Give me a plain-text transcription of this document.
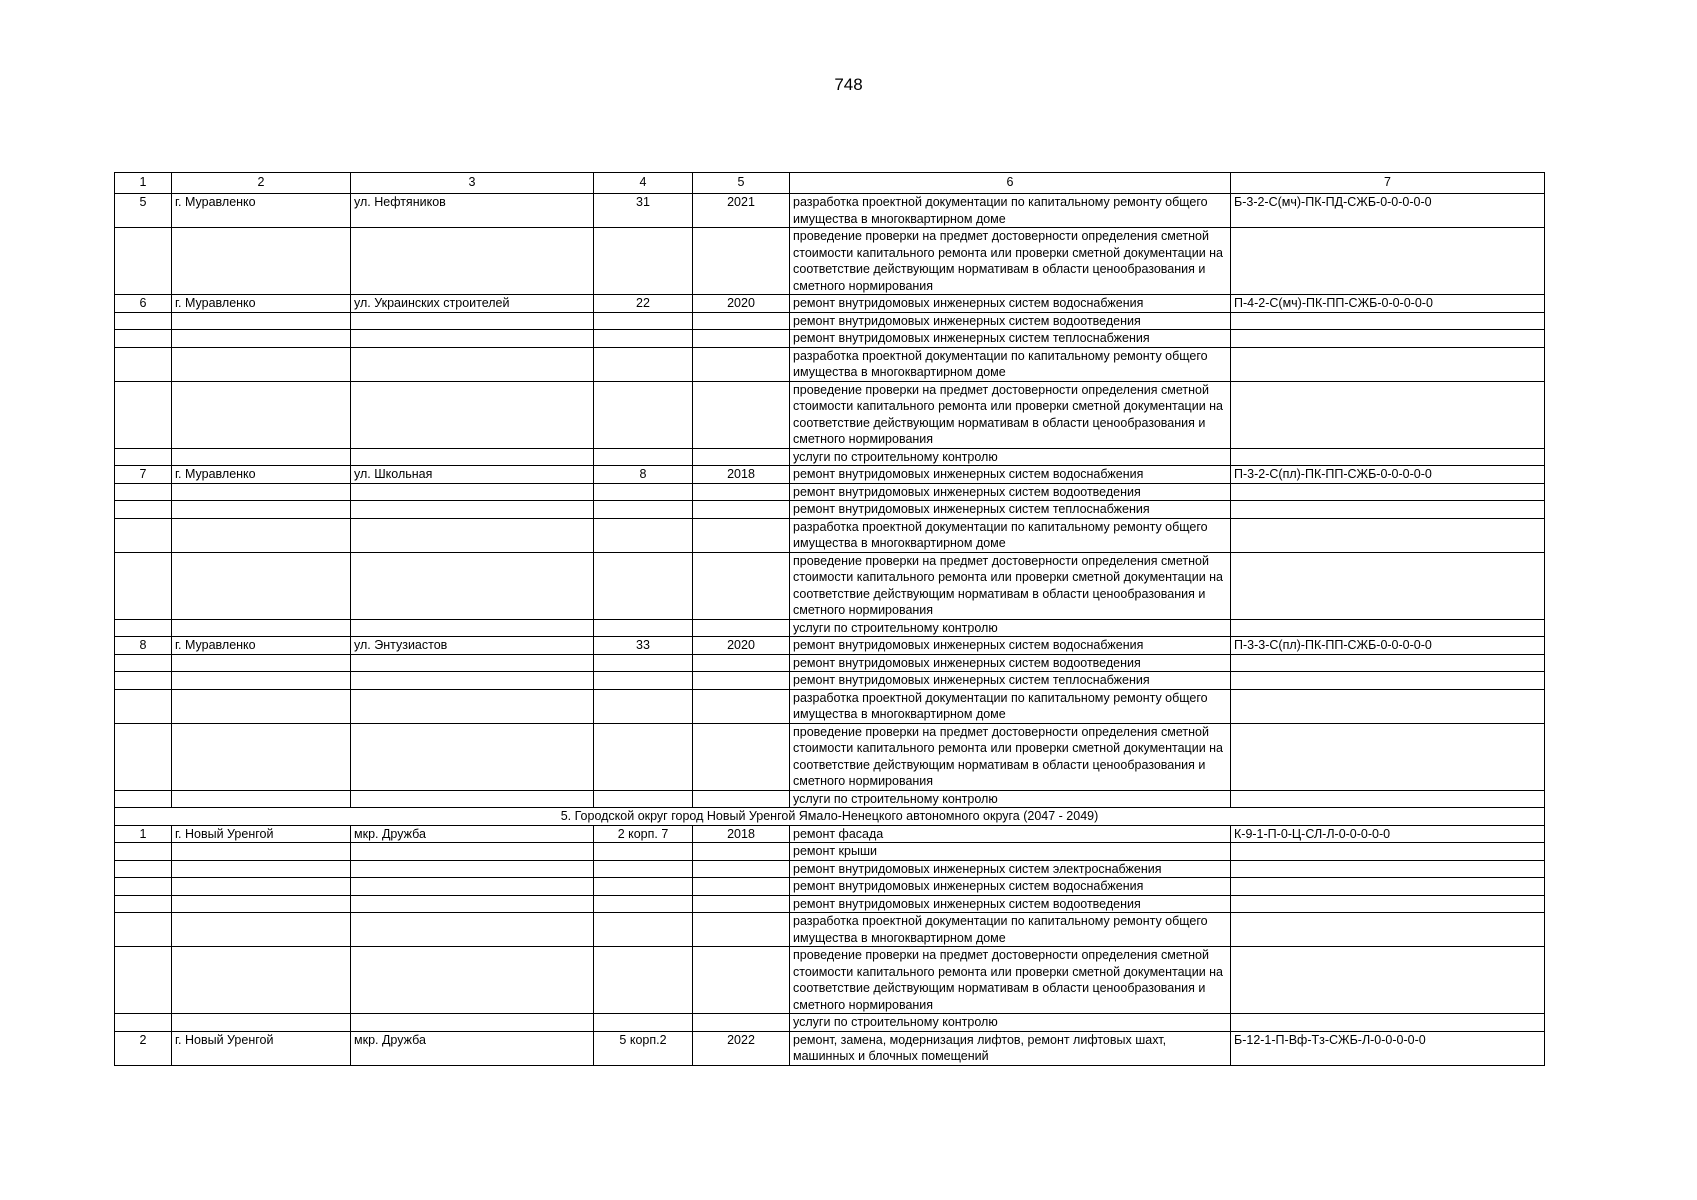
748
1	2	3	4	5	6	7
5	г. Муравленко	ул. Нефтяников	31	2021	разработка проектной документации по капитальному ремонту общего имущества в многоквартирном доме	Б-3-2-С(мч)-ПК-ПД-СЖБ-0-0-0-0-0
					проведение проверки на предмет достоверности определения сметной стоимости капитального ремонта или проверки сметной документации на соответствие действующим нормативам в области ценообразования и сметного нормирования	
6	г. Муравленко	ул. Украинских строителей	22	2020	ремонт внутридомовых инженерных систем водоснабжения	П-4-2-С(мч)-ПК-ПП-СЖБ-0-0-0-0-0
					ремонт внутридомовых инженерных систем водоотведения	
					ремонт внутридомовых инженерных систем теплоснабжения	
					разработка проектной документации по капитальному ремонту общего имущества в многоквартирном доме	
					проведение проверки на предмет достоверности определения сметной стоимости капитального ремонта или проверки сметной документации на соответствие действующим нормативам в области ценообразования и сметного нормирования	
					услуги по строительному контролю	
7	г. Муравленко	ул. Школьная	8	2018	ремонт внутридомовых инженерных систем водоснабжения	П-3-2-С(пл)-ПК-ПП-СЖБ-0-0-0-0-0
					ремонт внутридомовых инженерных систем водоотведения	
					ремонт внутридомовых инженерных систем теплоснабжения	
					разработка проектной документации по капитальному ремонту общего имущества в многоквартирном доме	
					проведение проверки на предмет достоверности определения сметной стоимости капитального ремонта или проверки сметной документации на соответствие действующим нормативам в области ценообразования и сметного нормирования	
					услуги по строительному контролю	
8	г. Муравленко	ул. Энтузиастов	33	2020	ремонт внутридомовых инженерных систем водоснабжения	П-3-3-С(пл)-ПК-ПП-СЖБ-0-0-0-0-0
					ремонт внутридомовых инженерных систем водоотведения	
					ремонт внутридомовых инженерных систем теплоснабжения	
					разработка проектной документации по капитальному ремонту общего имущества в многоквартирном доме	
					проведение проверки на предмет достоверности определения сметной стоимости капитального ремонта или проверки сметной документации на соответствие действующим нормативам в области ценообразования и сметного нормирования	
					услуги по строительному контролю	
5. Городской округ город Новый Уренгой Ямало-Ненецкого автономного округа (2047 - 2049)						
1	г. Новый Уренгой	мкр. Дружба	2 корп. 7	2018	ремонт фасада	К-9-1-П-0-Ц-СЛ-Л-0-0-0-0-0
					ремонт крыши	
					ремонт внутридомовых инженерных систем электроснабжения	
					ремонт внутридомовых инженерных систем водоснабжения	
					ремонт внутридомовых инженерных систем водоотведения	
					разработка проектной документации по капитальному ремонту общего имущества в многоквартирном доме	
					проведение проверки на предмет достоверности определения сметной стоимости капитального ремонта или проверки сметной документации на соответствие действующим нормативам в области ценообразования и сметного нормирования	
					услуги по строительному контролю	
2	г. Новый Уренгой	мкр. Дружба	5 корп.2	2022	ремонт, замена, модернизация лифтов, ремонт лифтовых шахт, машинных и блочных помещений	Б-12-1-П-Вф-Тз-СЖБ-Л-0-0-0-0-0
